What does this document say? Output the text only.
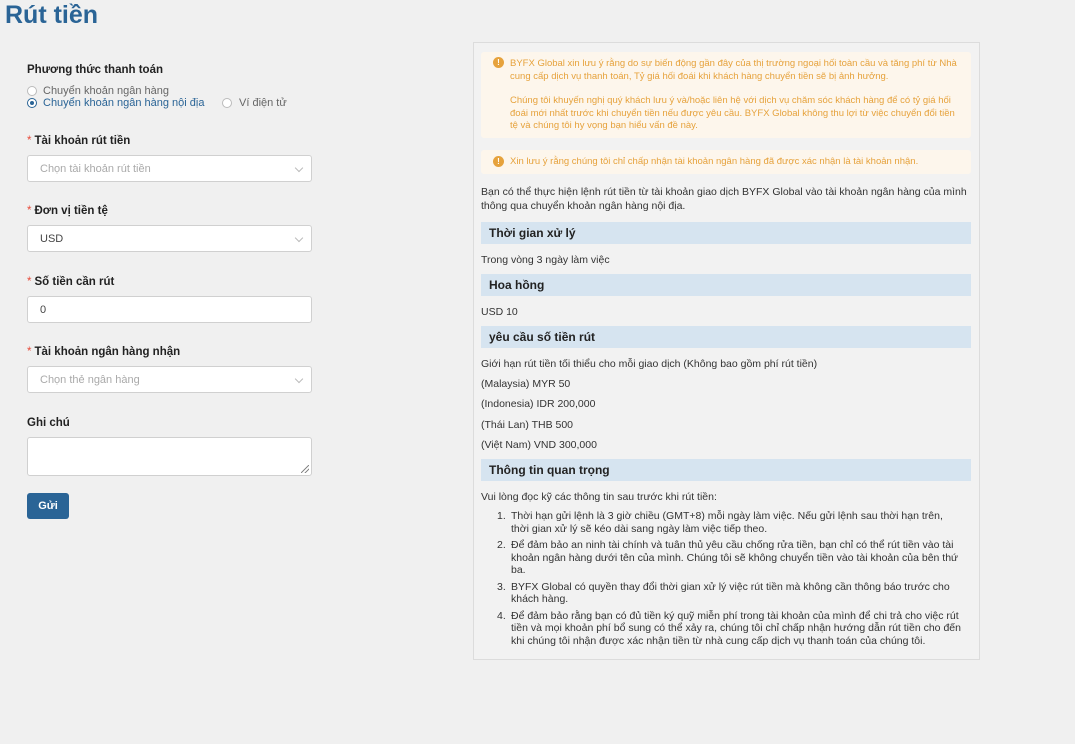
Rút tiền
Phương thức thanh toán
Chuyển khoản ngân hàng
Chuyển khoản ngân hàng nội địa	Ví điện tử
* Tài khoản rút tiền
Chọn tài khoản rút tiền
* Đơn vị tiền tệ
USD
* Số tiền cần rút
0
* Tài khoản ngân hàng nhận
Chọn thẻ ngân hàng
Ghi chú
Gửi
!	BYFX Global xin lưu ý rằng do sự biến động gần đây của thị trường ngoại hối toàn cầu và tăng phí từ Nhà cung cấp dịch vụ thanh toán, Tỷ giá hối đoái khi khách hàng chuyển tiền sẽ bị ảnh hưởng.

Chúng tôi khuyến nghị quý khách lưu ý và/hoặc liên hệ với dịch vụ chăm sóc khách hàng để có tỷ giá hối đoái mới nhất trước khi chuyển tiền nếu được yêu cầu. BYFX Global không thu lợi từ việc chuyển đổi tiền tệ và chúng tôi hy vọng bạn hiểu vấn đề này.

!	Xin lưu ý rằng chúng tôi chỉ chấp nhận tài khoản ngân hàng đã được xác nhận là tài khoản nhận.

Bạn có thể thực hiện lệnh rút tiền từ tài khoản giao dịch BYFX Global vào tài khoản ngân hàng của mình thông qua chuyển khoản ngân hàng nội địa.
Thời gian xử lý
Trong vòng 3 ngày làm việc
Hoa hồng
USD 10
yêu cầu số tiền rút
Giới hạn rút tiền tối thiểu cho mỗi giao dịch (Không bao gồm phí rút tiền)
(Malaysia) MYR 50
(Indonesia) IDR 200,000
(Thái Lan) THB 500
(Việt Nam) VND 300,000
Thông tin quan trọng
Vui lòng đọc kỹ các thông tin sau trước khi rút tiền:
1. Thời hạn gửi lệnh là 3 giờ chiều (GMT+8) mỗi ngày làm việc. Nếu gửi lệnh sau thời hạn trên, thời gian xử lý sẽ kéo dài sang ngày làm việc tiếp theo.
2. Để đảm bảo an ninh tài chính và tuân thủ yêu cầu chống rửa tiền, bạn chỉ có thể rút tiền vào tài khoản ngân hàng dưới tên của mình. Chúng tôi sẽ không chuyển tiền vào tài khoản của bên thứ ba.
3. BYFX Global có quyền thay đổi thời gian xử lý việc rút tiền mà không cần thông báo trước cho khách hàng.
4. Để đảm bảo rằng bạn có đủ tiền ký quỹ miễn phí trong tài khoản của mình để chi trả cho việc rút tiền và mọi khoản phí bổ sung có thể xảy ra, chúng tôi chỉ chấp nhận hướng dẫn rút tiền cho đến khi chúng tôi nhận được xác nhận tiền từ nhà cung cấp dịch vụ thanh toán của chúng tôi.
